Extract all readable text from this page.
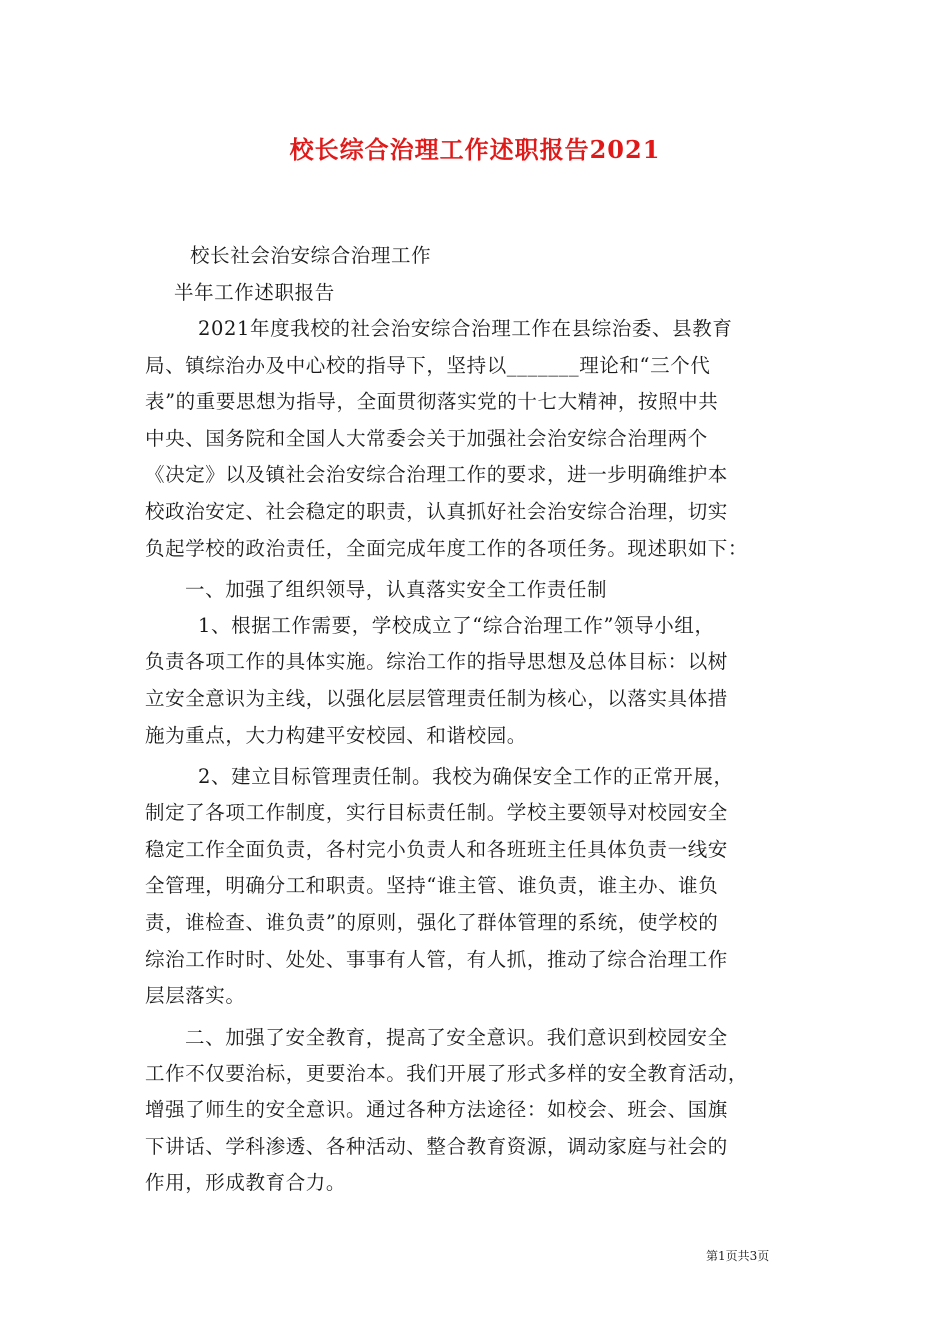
校长综合治理工作述职报告2021
校长社会治安综合治理工作
半年工作述职报告
2021年度我校的社会治安综合治理工作在县综治委、县教育
局、镇综治办及中心校的指导下，坚持以_______理论和“三个代
表”的重要思想为指导，全面贯彻落实党的十七大精神，按照中共
中央、国务院和全国人大常委会关于加强社会治安综合治理两个
《决定》以及镇社会治安综合治理工作的要求，进一步明确维护本
校政治安定、社会稳定的职责，认真抓好社会治安综合治理，切实
负起学校的政治责任，全面完成年度工作的各项任务。现述职如下：
一、加强了组织领导，认真落实安全工作责任制
1、根据工作需要，学校成立了“综合治理工作”领导小组，
负责各项工作的具体实施。综治工作的指导思想及总体目标：以树
立安全意识为主线，以强化层层管理责任制为核心，以落实具体措
施为重点，大力构建平安校园、和谐校园。
2、建立目标管理责任制。我校为确保安全工作的正常开展，
制定了各项工作制度，实行目标责任制。学校主要领导对校园安全
稳定工作全面负责，各村完小负责人和各班班主任具体负责一线安
全管理，明确分工和职责。坚持“谁主管、谁负责，谁主办、谁负
责，谁检查、谁负责”的原则，强化了群体管理的系统，使学校的
综治工作时时、处处、事事有人管，有人抓，推动了综合治理工作
层层落实。
二、加强了安全教育，提高了安全意识。我们意识到校园安全
工作不仅要治标，更要治本。我们开展了形式多样的安全教育活动，
增强了师生的安全意识。通过各种方法途径：如校会、班会、国旗
下讲话、学科渗透、各种活动、整合教育资源，调动家庭与社会的
作用，形成教育合力。
第1页共3页
